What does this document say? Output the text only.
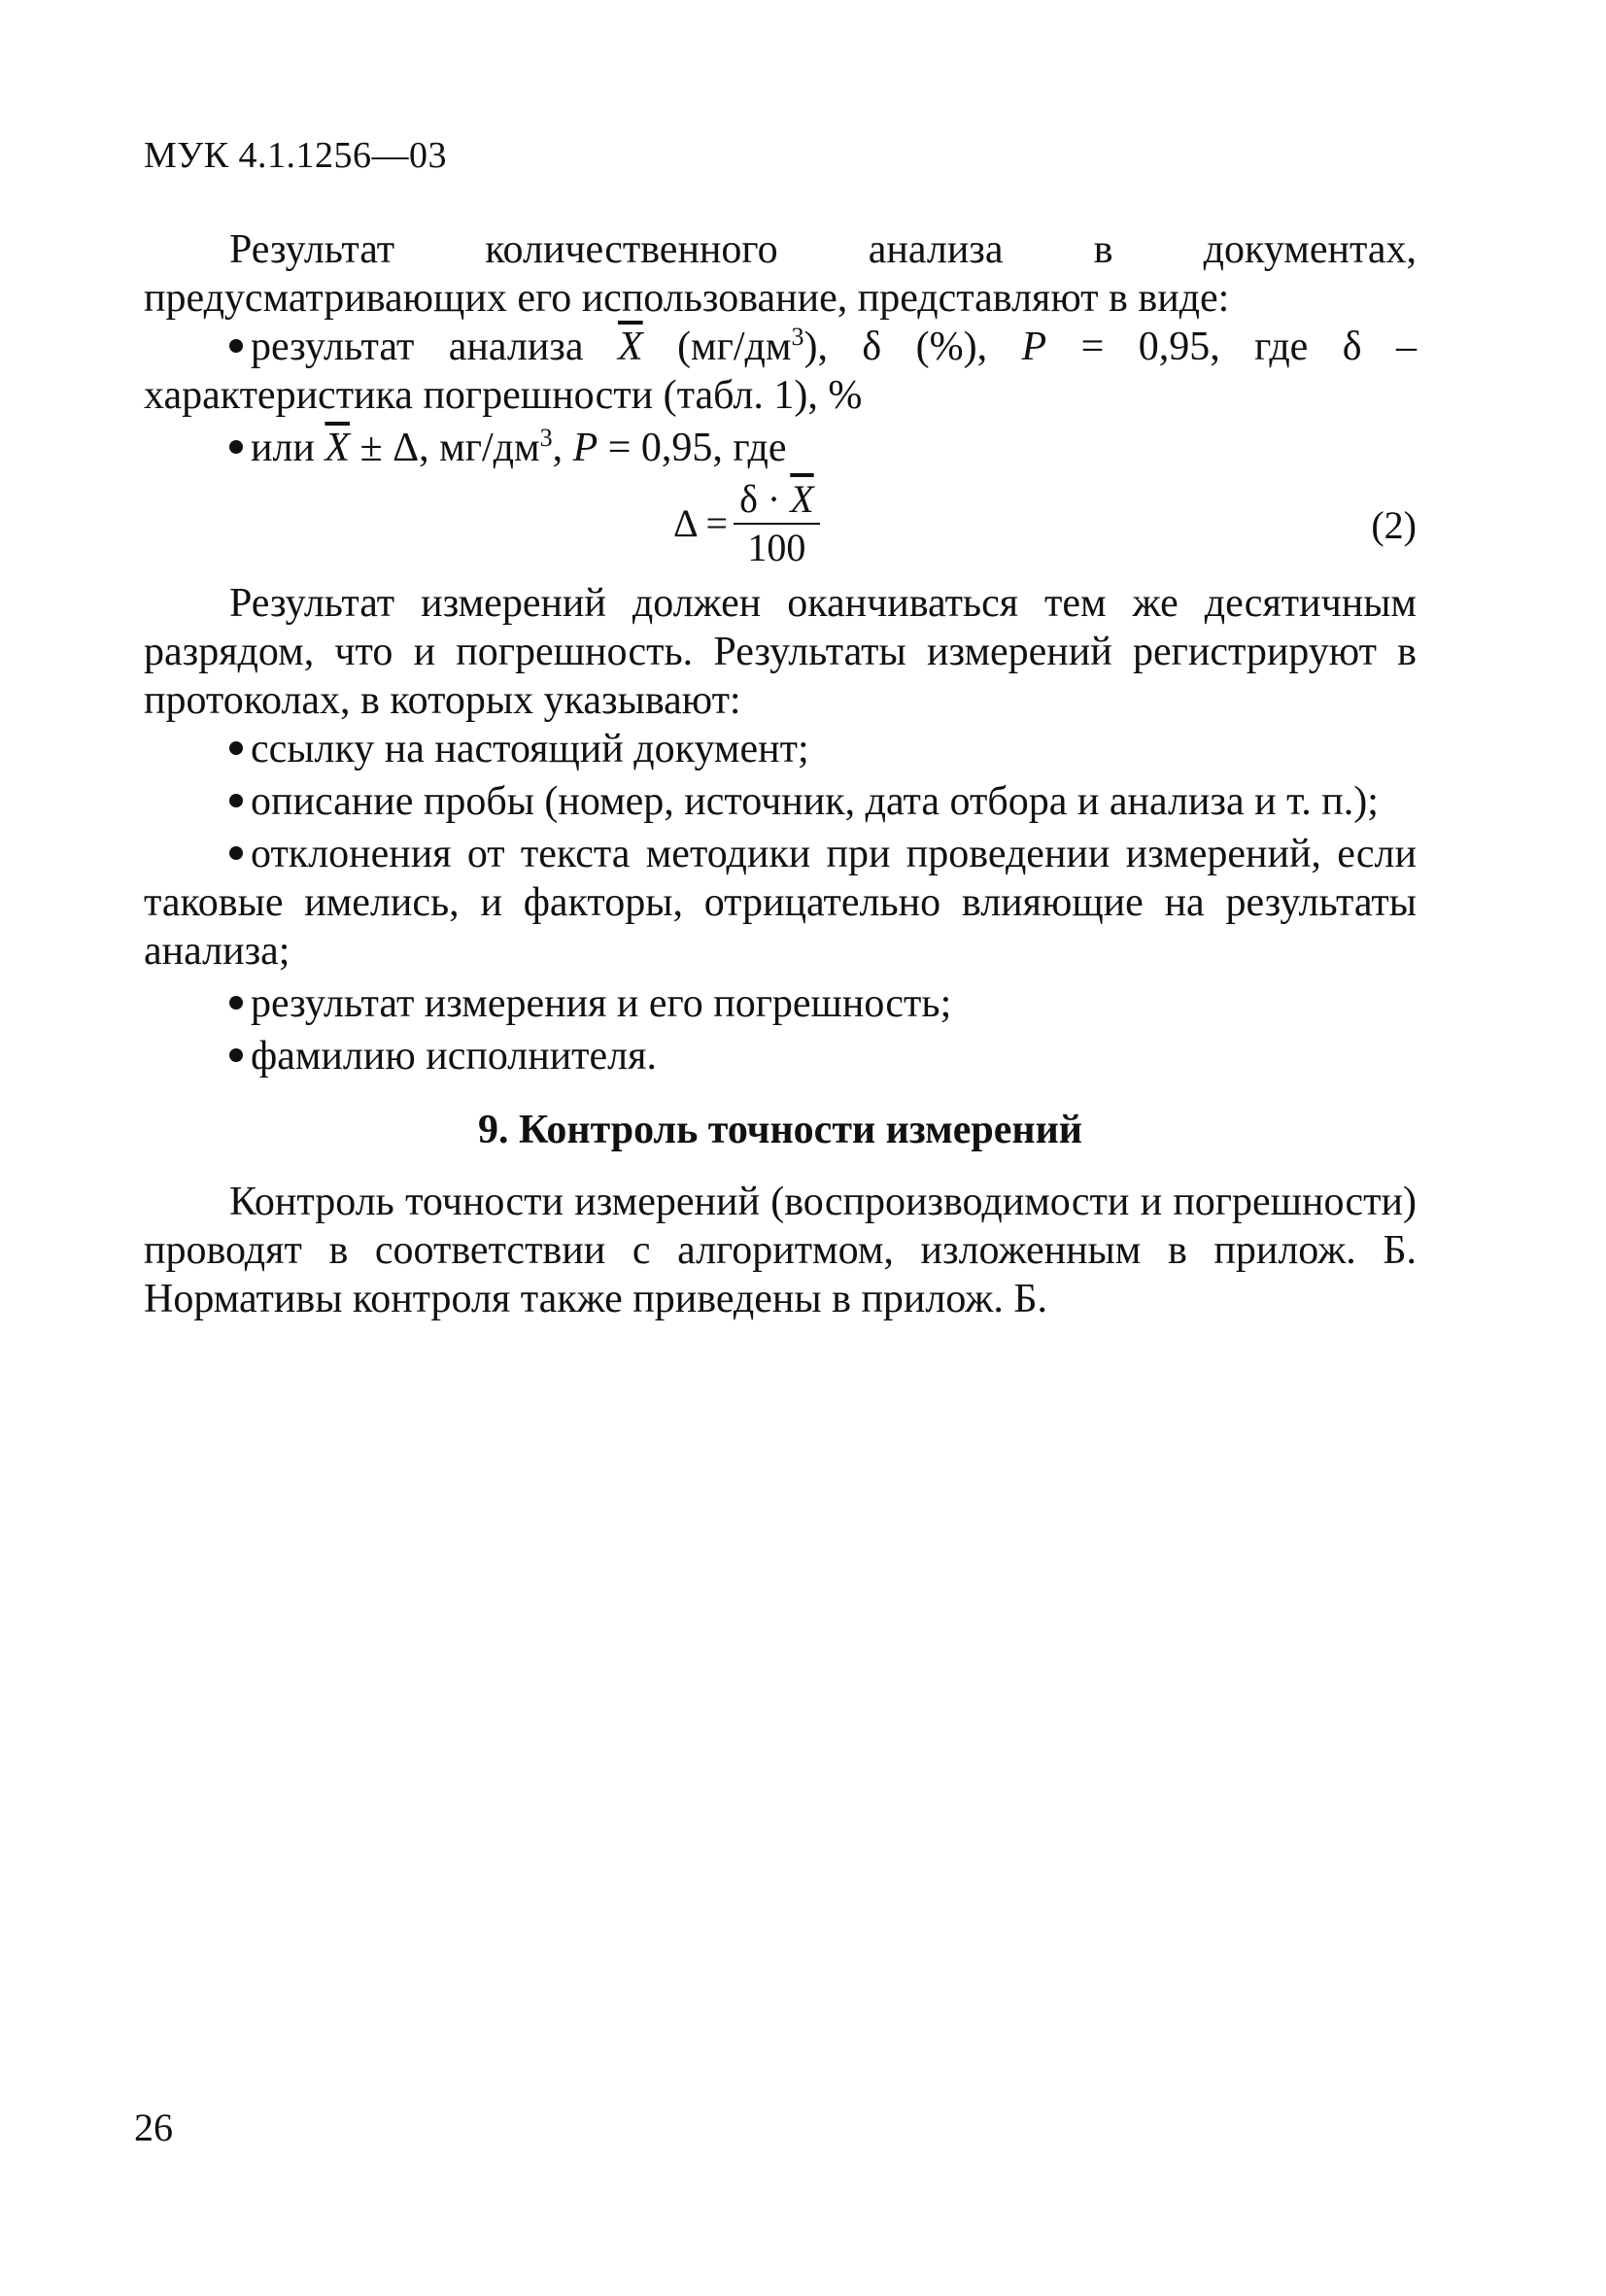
МУК 4.1.1256—03

Результат количественного анализа в документах, предусматривающих его использование, представляют в виде:

результат анализа $\overline{X}$ $(мг/дм^3)$, δ (%), P = 0,95, где δ – характеристика погрешности (табл. 1), %
или $\overline{X} \pm \Delta$, $мг/дм^3$, P = 0,95, где
$\Delta = \frac{\delta \cdot \overline{X}}{100}$	(2)

Результат измерений должен оканчиваться тем же десятичным разрядом, что и погрешность. Результаты измерений регистрируют в протоколах, в которых указывают:

ссылку на настоящий документ;
описание пробы (номер, источник, дата отбора и анализа и т. п.);
отклонения от текста методики при проведении измерений, если таковые имелись, и факторы, отрицательно влияющие на результаты анализа;
результат измерения и его погрешность;
фамилию исполнителя.
9. Контроль точности измерений

Контроль точности измерений (воспроизводимости и погрешности) проводят в соответствии с алгоритмом, изложенным в прилож. Б. Нормативы контроля также приведены в прилож. Б.

26
